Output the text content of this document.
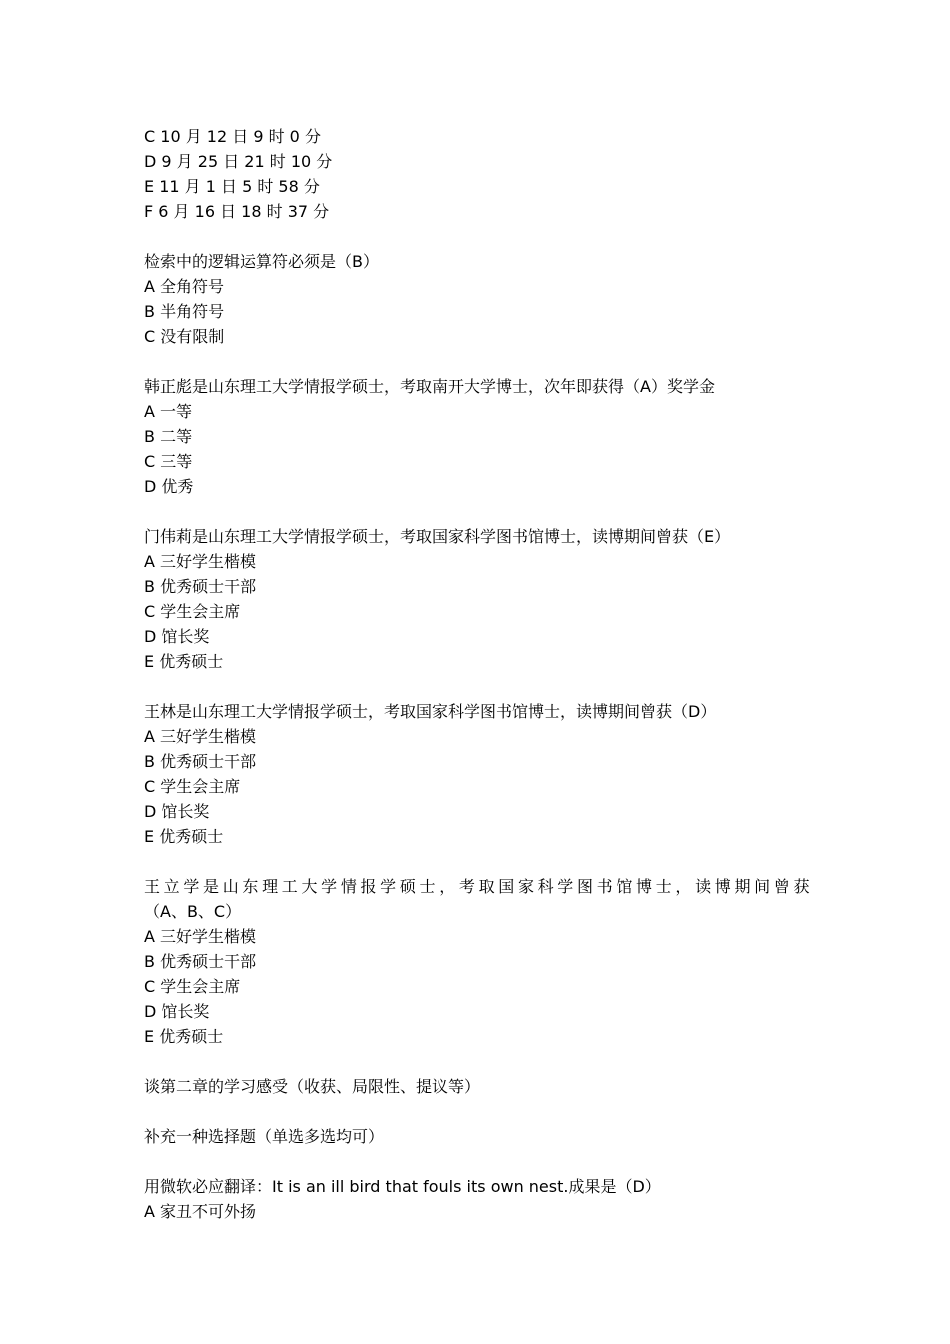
C 10 月 12 日 9 时 0 分
D 9 月 25 日 21 时 10 分
E 11 月 1 日 5 时 58 分
F 6 月 16 日 18 时 37 分
检索中的逻辑运算符必须是（B）
A 全角符号
B 半角符号
C 没有限制
韩正彪是山东理工大学情报学硕士，考取南开大学博士，次年即获得（A）奖学金
A 一等
B 二等
C 三等
D 优秀
门伟莉是山东理工大学情报学硕士，考取国家科学图书馆博士，读博期间曾获（E）
A 三好学生楷模
B 优秀硕士干部
C 学生会主席
D 馆长奖
E 优秀硕士
王林是山东理工大学情报学硕士，考取国家科学图书馆博士，读博期间曾获（D）
A 三好学生楷模
B 优秀硕士干部
C 学生会主席
D 馆长奖
E 优秀硕士
王立学是山东理工大学情报学硕士，考取国家科学图书馆博士，读博期间曾获
（A、B、C）
A 三好学生楷模
B 优秀硕士干部
C 学生会主席
D 馆长奖
E 优秀硕士
谈第二章的学习感受（收获、局限性、提议等）
补充一种选择题（单选多选均可）
用微软必应翻译：It is an ill bird that fouls its own nest.成果是（D）
A 家丑不可外扬
